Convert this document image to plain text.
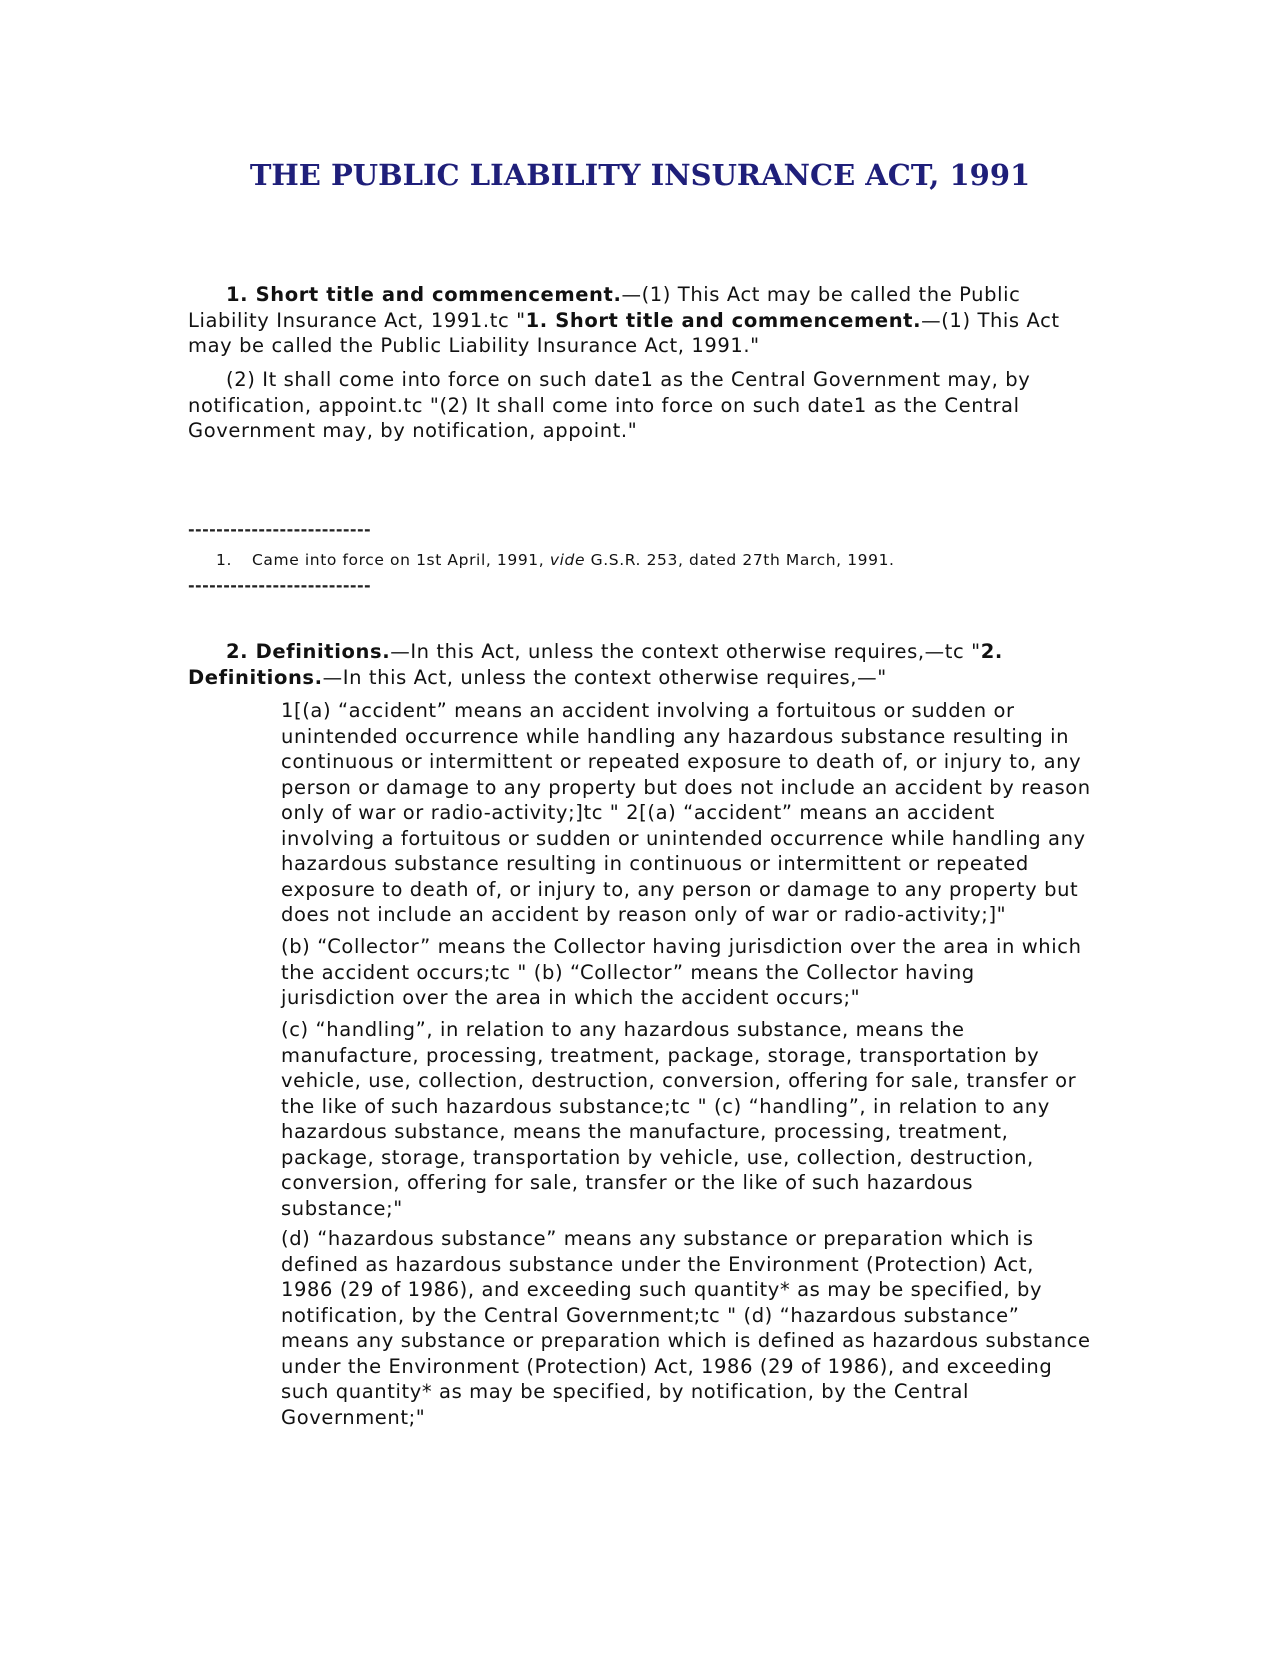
THE PUBLIC LIABILITY INSURANCE ACT, 1991

1. Short title and commencement.—(1) This Act may be called the Public Liability Insurance Act, 1991.tc "1. Short title and commencement.—(1) This Act may be called the Public Liability Insurance Act, 1991."

(2) It shall come into force on such date1 as the Central Government may, by notification, appoint.tc "(2) It shall come into force on such date1 as the Central Government may, by notification, appoint."

--------------------------

1. Came into force on 1st April, 1991, vide G.S.R. 253, dated 27th March, 1991.

--------------------------

2. Definitions.—In this Act, unless the context otherwise requires,—tc "2. Definitions.—In this Act, unless the context otherwise requires,—"

1[(a) “accident” means an accident involving a fortuitous or sudden or unintended occurrence while handling any hazardous substance resulting in continuous or intermittent or repeated exposure to death of, or injury to, any person or damage to any property but does not include an accident by reason only of war or radio-activity;]tc " 2[(a) “accident” means an accident involving a fortuitous or sudden or unintended occurrence while handling any hazardous substance resulting in continuous or intermittent or repeated exposure to death of, or injury to, any person or damage to any property but does not include an accident by reason only of war or radio-activity;]"

(b) “Collector” means the Collector having jurisdiction over the area in which the accident occurs;tc " (b) “Collector” means the Collector having jurisdiction over the area in which the accident occurs;"

(c) “handling”, in relation to any hazardous substance, means the manufacture, processing, treatment, package, storage, transportation by vehicle, use, collection, destruction, conversion, offering for sale, transfer or the like of such hazardous substance;tc " (c) “handling”, in relation to any hazardous substance, means the manufacture, processing, treatment, package, storage, transportation by vehicle, use, collection, destruction, conversion, offering for sale, transfer or the like of such hazardous substance;"

(d) “hazardous substance” means any substance or preparation which is defined as hazardous substance under the Environment (Protection) Act, 1986 (29 of 1986), and exceeding such quantity* as may be specified, by notification, by the Central Government;tc " (d) “hazardous substance” means any substance or preparation which is defined as hazardous substance under the Environment (Protection) Act, 1986 (29 of 1986), and exceeding such quantity* as may be specified, by notification, by the Central Government;"
